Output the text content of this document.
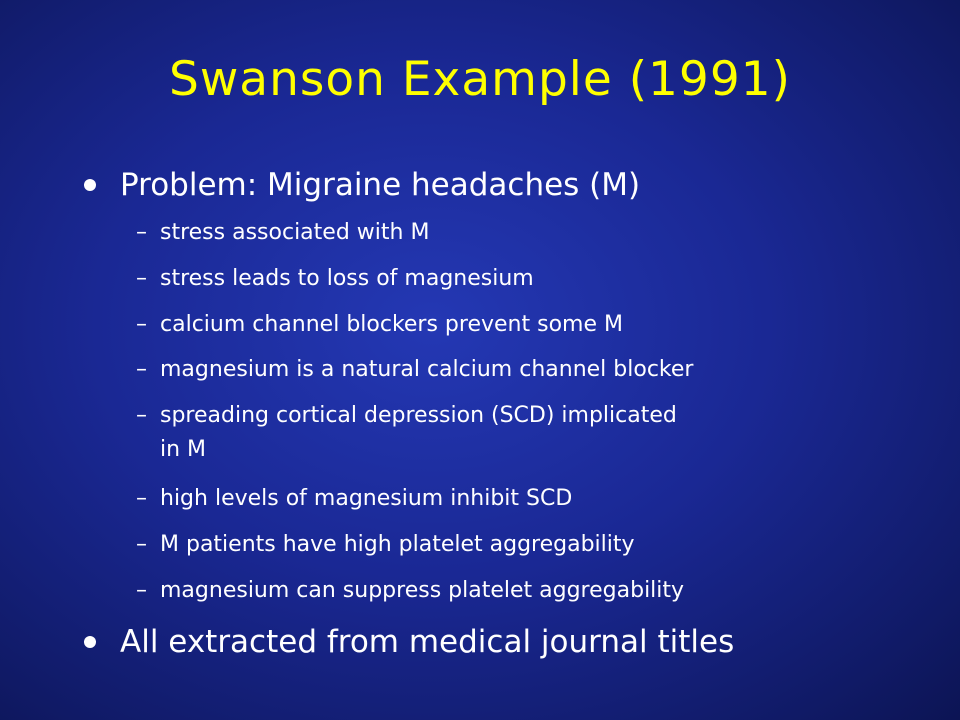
Swanson Example (1991)
Problem: Migraine headaches (M)
– stress associated with M
– stress leads to loss of magnesium
– calcium channel blockers prevent some M
– magnesium is a natural calcium channel blocker
– spreading cortical depression (SCD) implicated
in M
– high levels of magnesium inhibit SCD
– M patients have high platelet aggregability
– magnesium can suppress platelet aggregability
All extracted from medical journal titles
